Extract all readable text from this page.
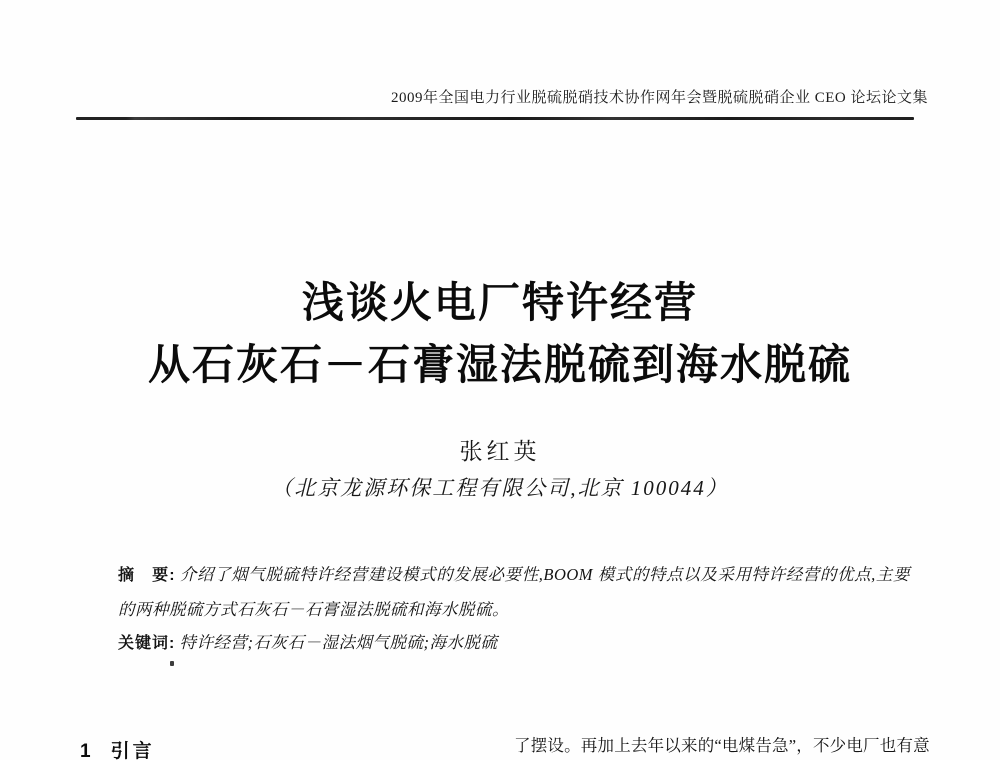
2009年全国电力行业脱硫脱硝技术协作网年会暨脱硫脱硝企业 CEO 论坛论文集
浅谈火电厂特许经营
从石灰石－石膏湿法脱硫到海水脱硫
张红英
（北京龙源环保工程有限公司,北京 100044）

摘　要: 介绍了烟气脱硫特许经营建设模式的发展必要性,BOOM 模式的特点以及采用特许经营的优点,主要的两种脱硫方式石灰石－石膏湿法脱硫和海水脱硫。

关键词: 特许经营;石灰石－湿法烟气脱硫;海水脱硫

1 引言	了摆设。再加上去年以来的“电煤告急”，不少电厂也有意
